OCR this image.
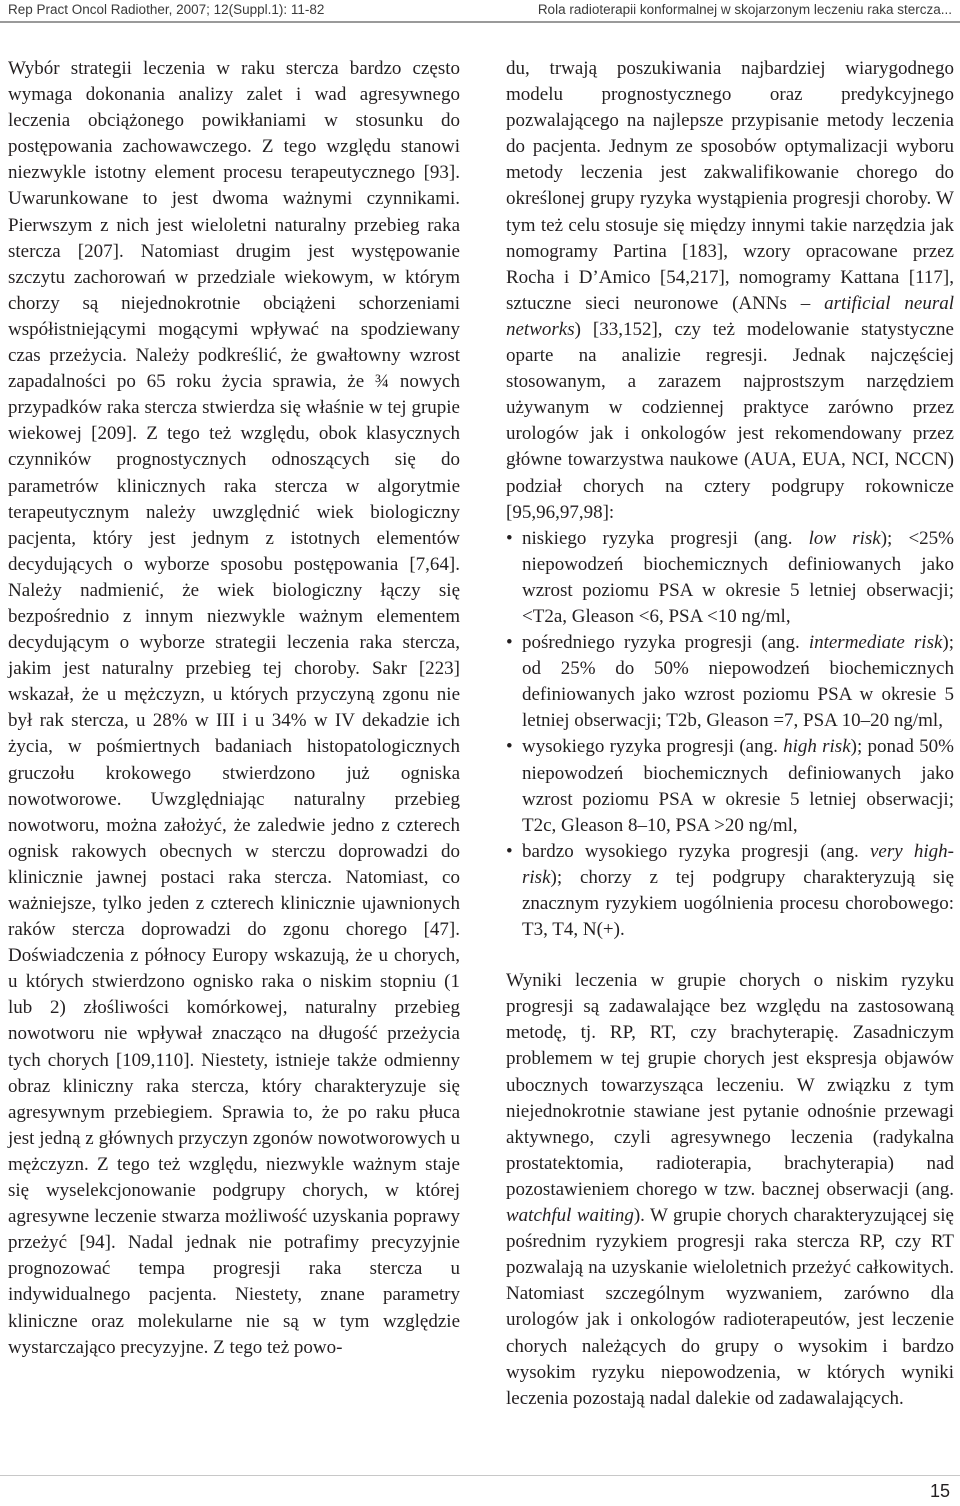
Rep Pract Oncol Radiother, 2007; 12(Suppl.1): 11-82	Rola radioterapii konformalnej w skojarzonym leczeniu raka stercza...

Wybór strategii leczenia w raku stercza bardzo często wymaga dokonania analizy zalet i wad agresywnego leczenia obciążonego powikłaniami w stosunku do postępowania zachowawczego. Z tego względu stanowi niezwykle istotny element procesu terapeutycznego [93]. Uwarunkowane to jest dwoma ważnymi czynnikami. Pierwszym z nich jest wieloletni naturalny przebieg raka stercza [207]. Natomiast drugim jest występowanie szczytu zachorowań w przedziale wiekowym, w którym chorzy są niejednokrotnie obciążeni schorzeniami współistniejącymi mogącymi wpływać na spodziewany czas przeżycia. Należy podkreślić, że gwałtowny wzrost zapadalności po 65 roku życia sprawia, że ¾ nowych przypadków raka stercza stwierdza się właśnie w tej grupie wiekowej [209]. Z tego też względu, obok klasycznych czynników prognostycznych odnoszących się do parametrów klinicznych raka stercza w algorytmie terapeutycznym należy uwzględnić wiek biologiczny pacjenta, który jest jednym z istotnych elementów decydujących o wyborze sposobu postępowania [7,64]. Należy nadmienić, że wiek biologiczny łączy się bezpośrednio z innym niezwykle ważnym elementem decydującym o wyborze strategii leczenia raka stercza, jakim jest naturalny przebieg tej choroby. Sakr [223] wskazał, że u mężczyzn, u których przyczyną zgonu nie był rak stercza, u 28% w III i u 34% w IV dekadzie ich życia, w pośmiertnych badaniach histopatologicznych gruczołu krokowego stwierdzono już ogniska nowotworowe. Uwzględniając naturalny przebieg nowotworu, można założyć, że zaledwie jedno z czterech ognisk rakowych obecnych w sterczu doprowadzi do klinicznie jawnej postaci raka stercza. Natomiast, co ważniejsze, tylko jeden z czterech klinicznie ujawnionych raków stercza doprowadzi do zgonu chorego [47]. Doświadczenia z północy Europy wskazują, że u chorych, u których stwierdzono ognisko raka o niskim stopniu (1 lub 2) złośliwości komórkowej, naturalny przebieg nowotworu nie wpływał znacząco na długość przeżycia tych chorych [109,110]. Niestety, istnieje także odmienny obraz kliniczny raka stercza, który charakteryzuje się agresywnym przebiegiem. Sprawia to, że po raku płuca jest jedną z głównych przyczyn zgonów nowotworowych u mężczyzn. Z tego też względu, niezwykle ważnym staje się wyselekcjonowanie podgrupy chorych, w której agresywne leczenie stwarza możliwość uzyskania poprawy przeżyć [94]. Nadal jednak nie potrafimy precyzyjnie prognozować tempa progresji raka stercza u indywidualnego pacjenta. Niestety, znane parametry kliniczne oraz molekularne nie są w tym względzie wystarczająco precyzyjne. Z tego też powo-

du, trwają poszukiwania najbardziej wiarygodnego modelu prognostycznego oraz predykcyjnego pozwalającego na najlepsze przypisanie metody leczenia do pacjenta. Jednym ze sposobów optymalizacji wyboru metody leczenia jest zakwalifikowanie chorego do określonej grupy ryzyka wystąpienia progresji choroby. W tym też celu stosuje się między innymi takie narzędzia jak nomogramy Partina [183], wzory opracowane przez Rocha i D’Amico [54,217], nomogramy Kattana [117], sztuczne sieci neuronowe (ANNs – artificial neural networks) [33,152], czy też modelowanie statystyczne oparte na analizie regresji. Jednak najczęściej stosowanym, a zarazem najprostszym narzędziem używanym w codziennej praktyce zarówno przez urologów jak i onkologów jest rekomendowany przez główne towarzystwa naukowe (AUA, EUA, NCI, NCCN) podział chorych na cztery podgrupy rokownicze [95,96,97,98]:

• niskiego ryzyka progresji (ang. low risk); <25% niepowodzeń biochemicznych definiowanych jako wzrost poziomu PSA w okresie 5 letniej obserwacji; <T2a, Gleason <6, PSA <10 ng/ml,
• pośredniego ryzyka progresji (ang. intermediate risk); od 25% do 50% niepowodzeń biochemicznych definiowanych jako wzrost poziomu PSA w okresie 5 letniej obserwacji; T2b, Gleason =7, PSA 10–20 ng/ml,
• wysokiego ryzyka progresji (ang. high risk); ponad 50% niepowodzeń biochemicznych definiowanych jako wzrost poziomu PSA w okresie 5 letniej obserwacji; T2c, Gleason 8–10, PSA >20 ng/ml,
• bardzo wysokiego ryzyka progresji (ang. very high-risk); chorzy z tej podgrupy charakteryzują się znacznym ryzykiem uogólnienia procesu chorobowego: T3, T4, N(+).

Wyniki leczenia w grupie chorych o niskim ryzyku progresji są zadawalające bez względu na zastosowaną metodę, tj. RP, RT, czy brachyterapię. Zasadniczym problemem w tej grupie chorych jest ekspresja objawów ubocznych towarzysząca leczeniu. W związku z tym niejednokrotnie stawiane jest pytanie odnośnie przewagi aktywnego, czyli agresywnego leczenia (radykalna prostatektomia, radioterapia, brachyterapia) nad pozostawieniem chorego w tzw. bacznej obserwacji (ang. watchful waiting). W grupie chorych charakteryzującej się pośrednim ryzykiem progresji raka stercza RP, czy RT pozwalają na uzyskanie wieloletnich przeżyć całkowitych. Natomiast szczególnym wyzwaniem, zarówno dla urologów jak i onkologów radioterapeutów, jest leczenie chorych należących do grupy o wysokim i bardzo wysokim ryzyku niepowodzenia, w których wyniki leczenia pozostają nadal dalekie od zadawalających.

15
